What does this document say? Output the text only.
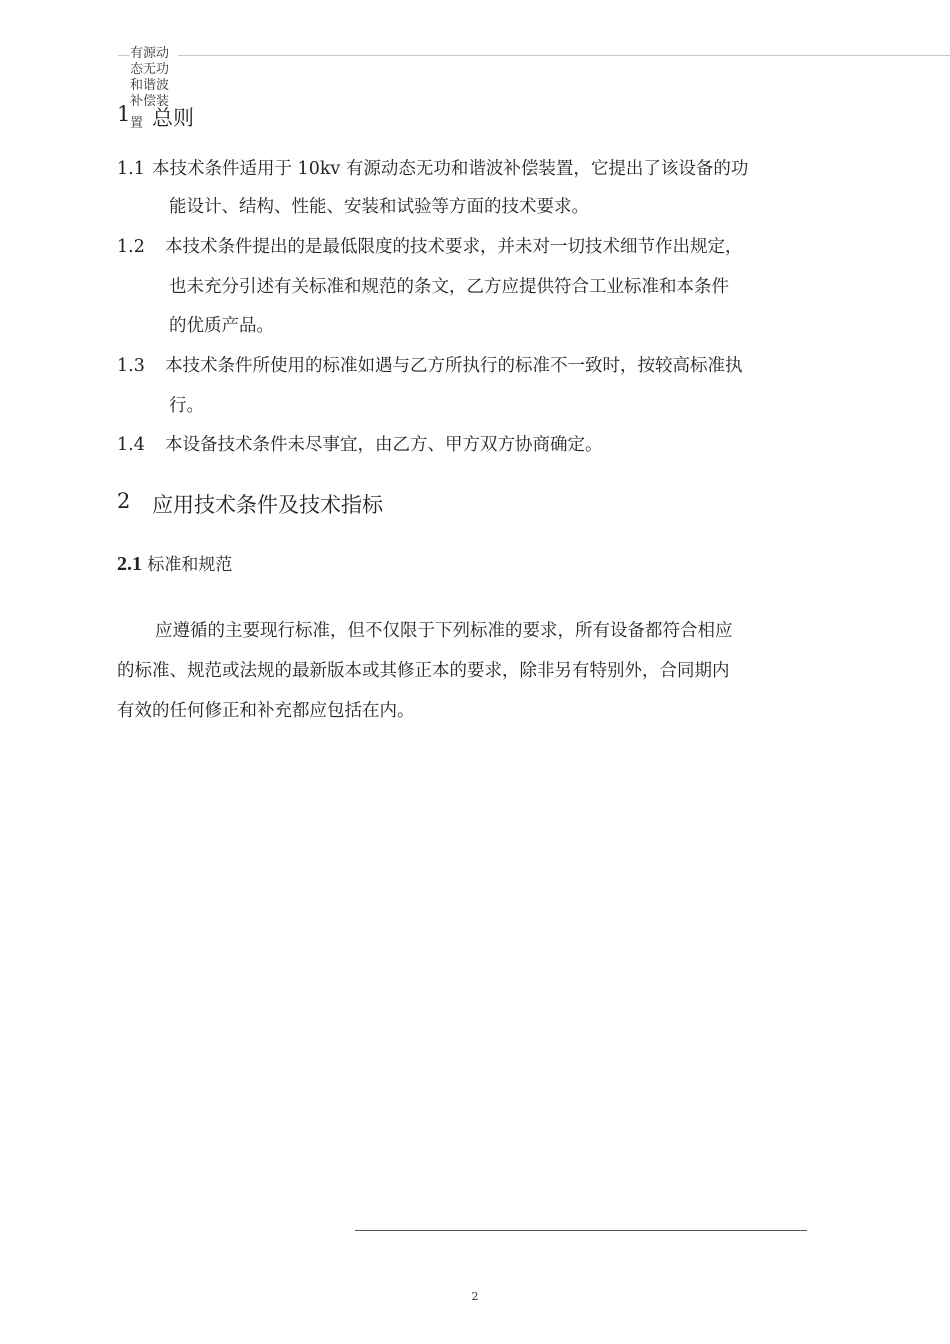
有源动
态无功
和谐波
补偿装
1 置 总则
1.1 本技术条件适用于 10kv 有源动态无功和谐波补偿装置，它提出了该设备的功
能设计、结构、性能、安装和试验等方面的技术要求。
1.2 本技术条件提出的是最低限度的技术要求，并未对一切技术细节作出规定，
也未充分引述有关标准和规范的条文，乙方应提供符合工业标准和本条件
的优质产品。
1.3 本技术条件所使用的标准如遇与乙方所执行的标准不一致时，按较高标准执
行。
1.4 本设备技术条件未尽事宜，由乙方、甲方双方协商确定。
2 应用技术条件及技术指标
2.1 标准和规范
应遵循的主要现行标准，但不仅限于下列标准的要求，所有设备都符合相应
的标准、规范或法规的最新版本或其修正本的要求，除非另有特别外，合同期内
有效的任何修正和补充都应包括在内。
2
